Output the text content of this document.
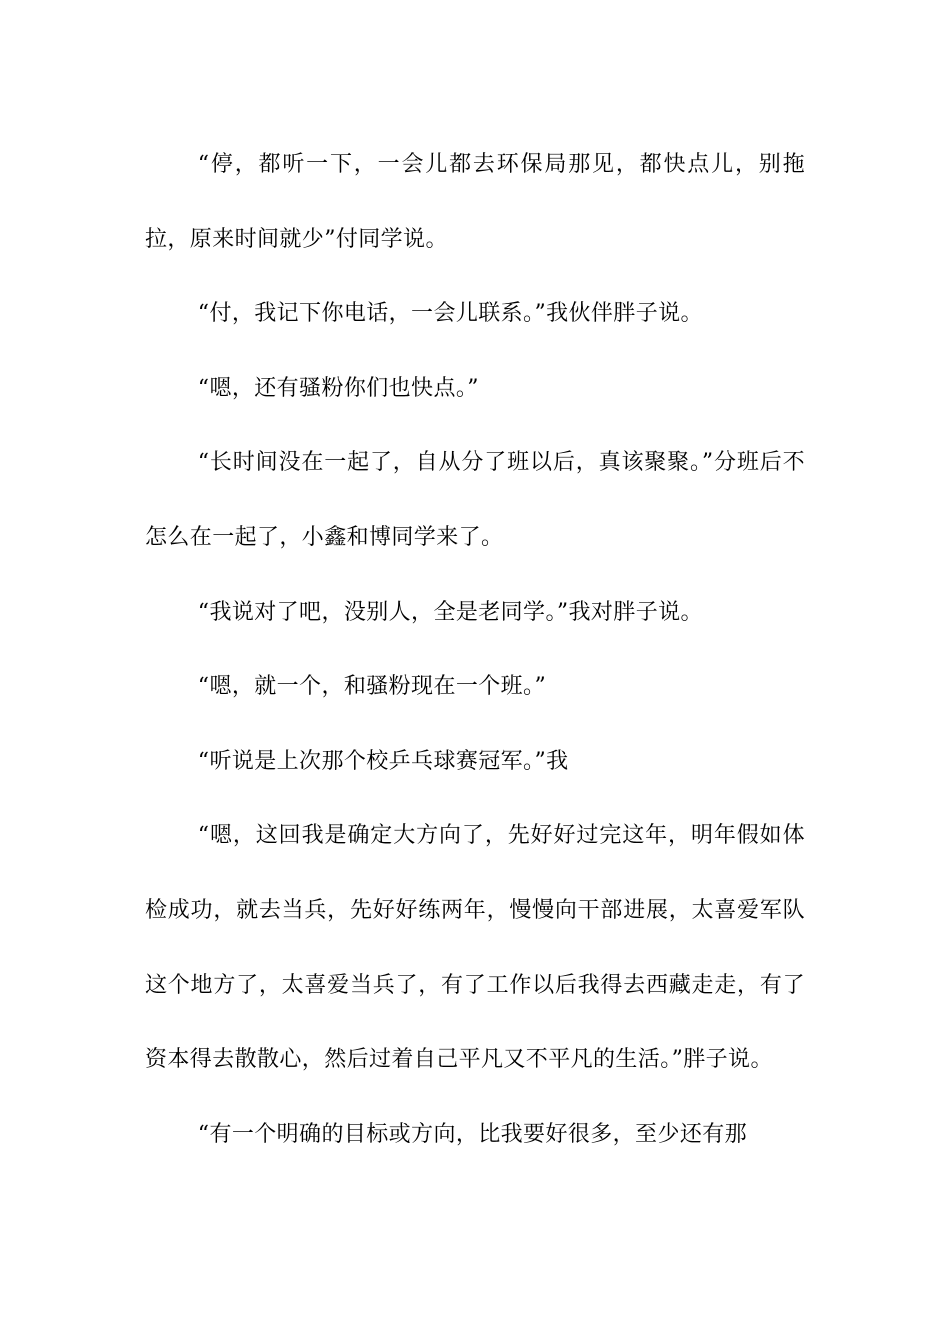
“停，都听一下，一会儿都去环保局那见，都快点儿，别拖拉，原来时间就少”付同学说。

“付，我记下你电话，一会儿联系。”我伙伴胖子说。

“嗯，还有骚粉你们也快点。”

“长时间没在一起了，自从分了班以后，真该聚聚。”分班后不怎么在一起了，小鑫和博同学来了。

“我说对了吧，没别人，全是老同学。”我对胖子说。

“嗯，就一个，和骚粉现在一个班。”

“听说是上次那个校乒乓球赛冠军。”我

“嗯，这回我是确定大方向了，先好好过完这年，明年假如体检成功，就去当兵，先好好练两年，慢慢向干部进展，太喜爱军队这个地方了，太喜爱当兵了，有了工作以后我得去西藏走走，有了资本得去散散心，然后过着自己平凡又不平凡的生活。”胖子说。

“有一个明确的目标或方向，比我要好很多，至少还有那
